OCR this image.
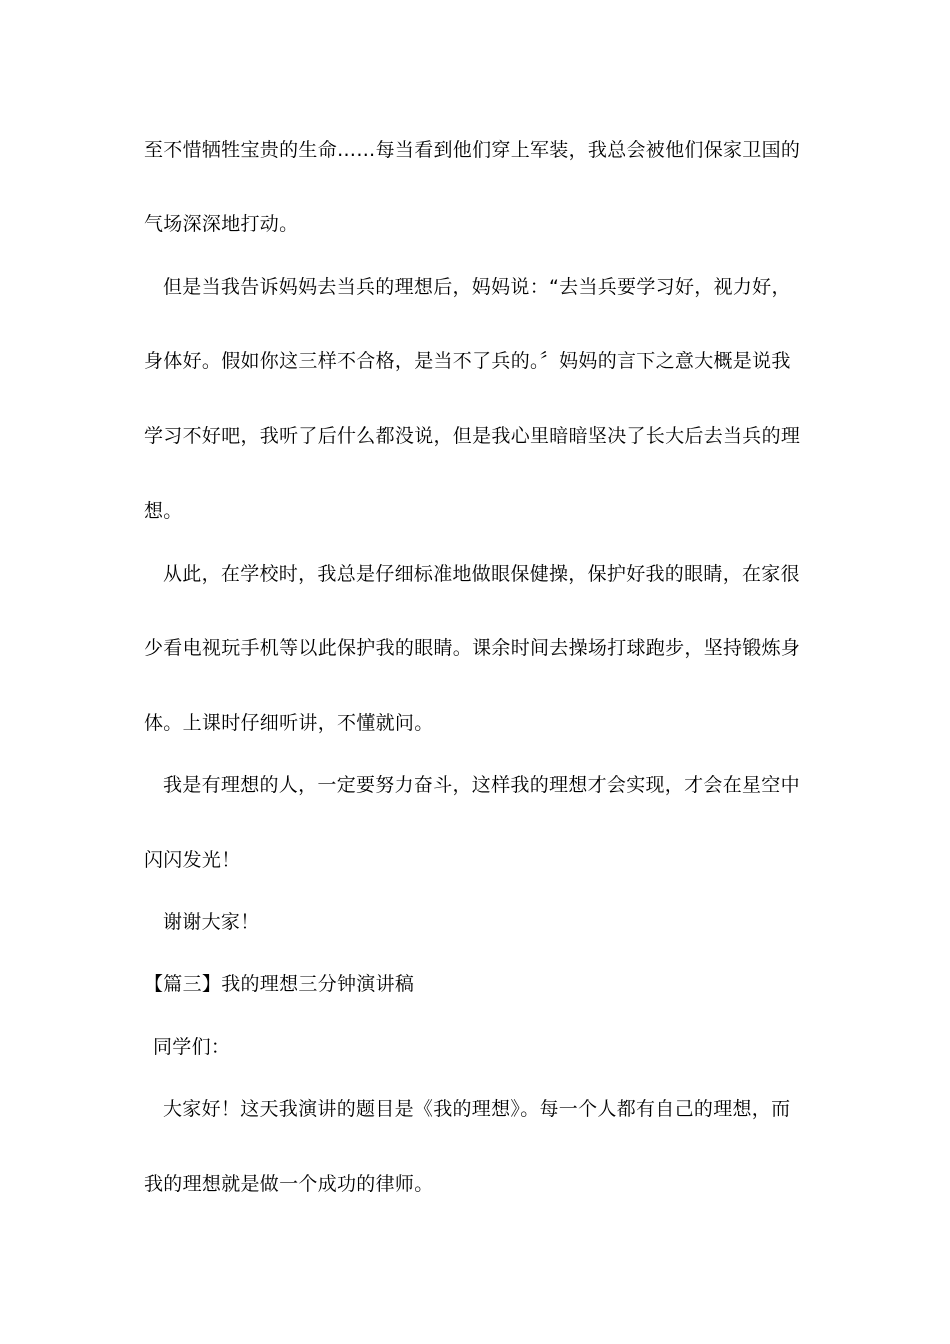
至不惜牺牲宝贵的生命……每当看到他们穿上军装，我总会被他们保家卫国的
气场深深地打动。
但是当我告诉妈妈去当兵的理想后，妈妈说：“去当兵要学习好，视力好，
身体好。假如你这三样不合格，是当不了兵的。〞妈妈的言下之意大概是说我
学习不好吧，我听了后什么都没说，但是我心里暗暗坚决了长大后去当兵的理
想。
从此，在学校时，我总是仔细标准地做眼保健操，保护好我的眼睛，在家很
少看电视玩手机等以此保护我的眼睛。课余时间去操场打球跑步，坚持锻炼身
体。上课时仔细听讲，不懂就问。
我是有理想的人，一定要努力奋斗，这样我的理想才会实现，才会在星空中
闪闪发光！
谢谢大家！
【篇三】我的理想三分钟演讲稿
同学们：
大家好！这天我演讲的题目是《我的理想》。每一个人都有自己的理想，而
我的理想就是做一个成功的律师。
